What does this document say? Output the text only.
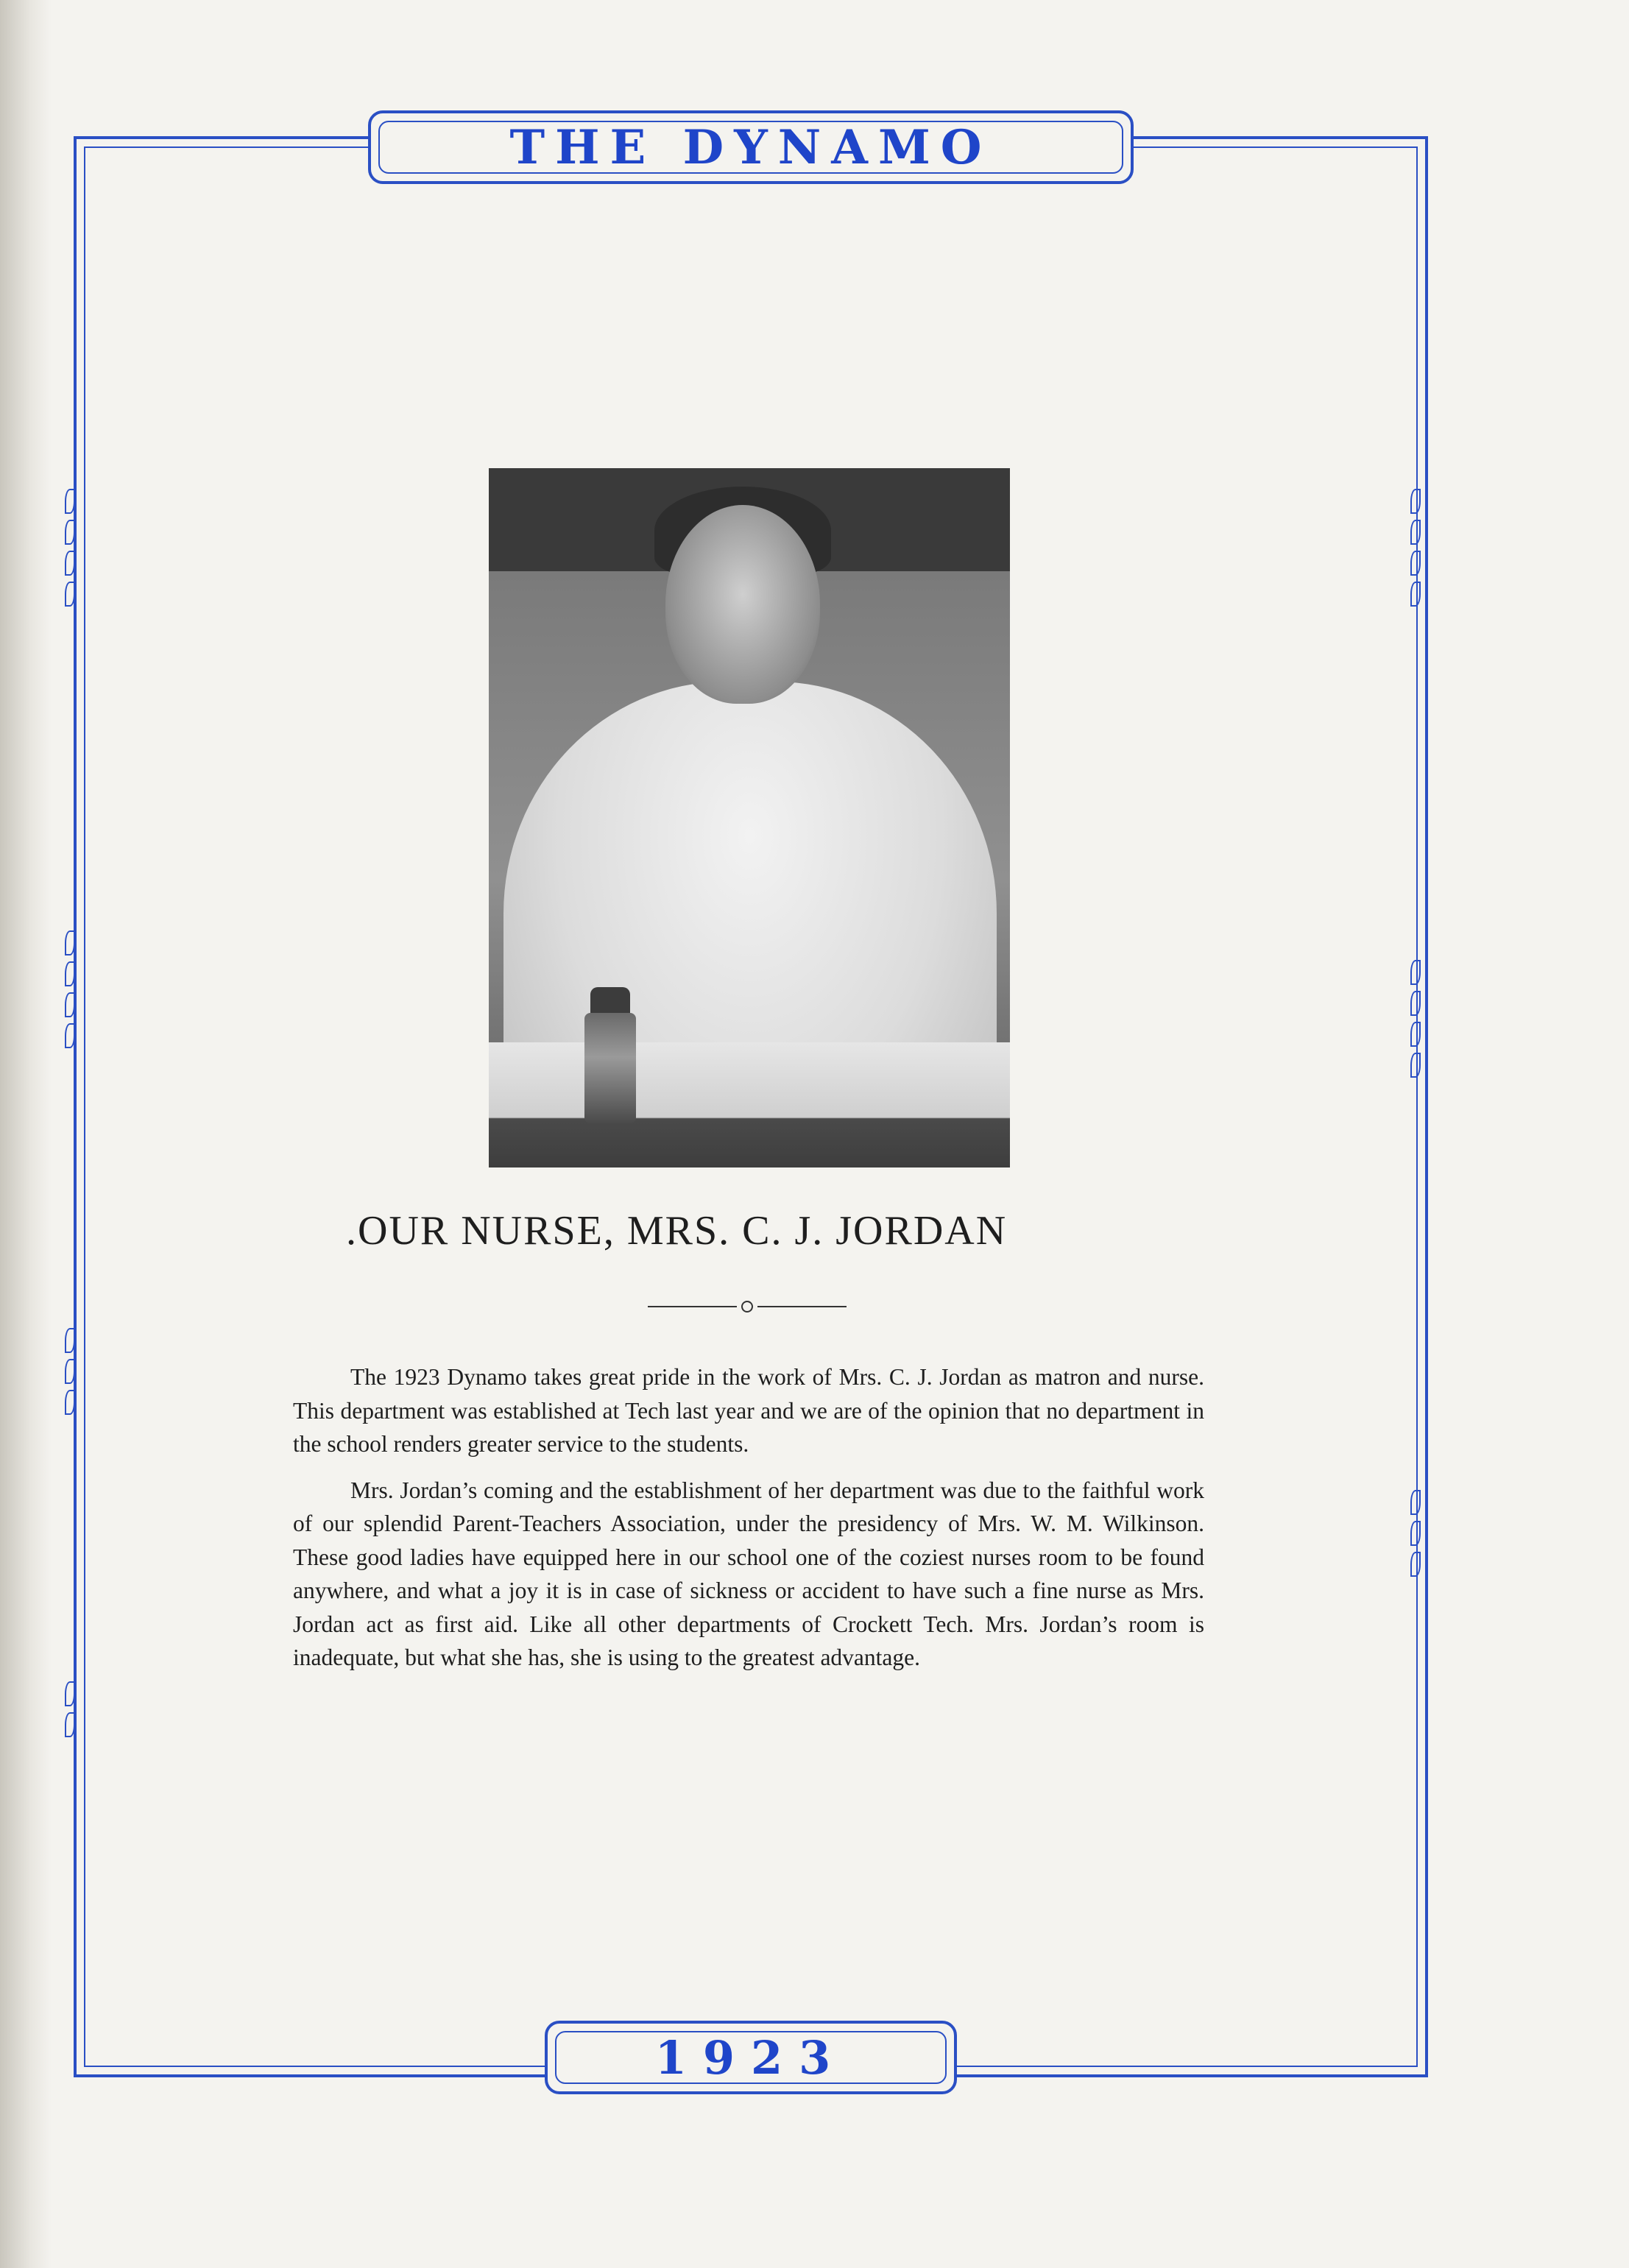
THE DYNAMO
.OUR NURSE, MRS. C. J. JORDAN

The 1923 Dynamo takes great pride in the work of Mrs. C. J. Jordan as matron and nurse. This department was established at Tech last year and we are of the opinion that no department in the school renders greater service to the students.

Mrs. Jordan’s coming and the establishment of her department was due to the faithful work of our splendid Parent-Teachers Association, under the presidency of Mrs. W. M. Wilkinson. These good ladies have equipped here in our school one of the coziest nurses room to be found anywhere, and what a joy it is in case of sickness or accident to have such a fine nurse as Mrs. Jordan act as first aid. Like all other departments of Crockett Tech. Mrs. Jordan’s room is inadequate, but what she has, she is using to the greatest advantage.

1923
